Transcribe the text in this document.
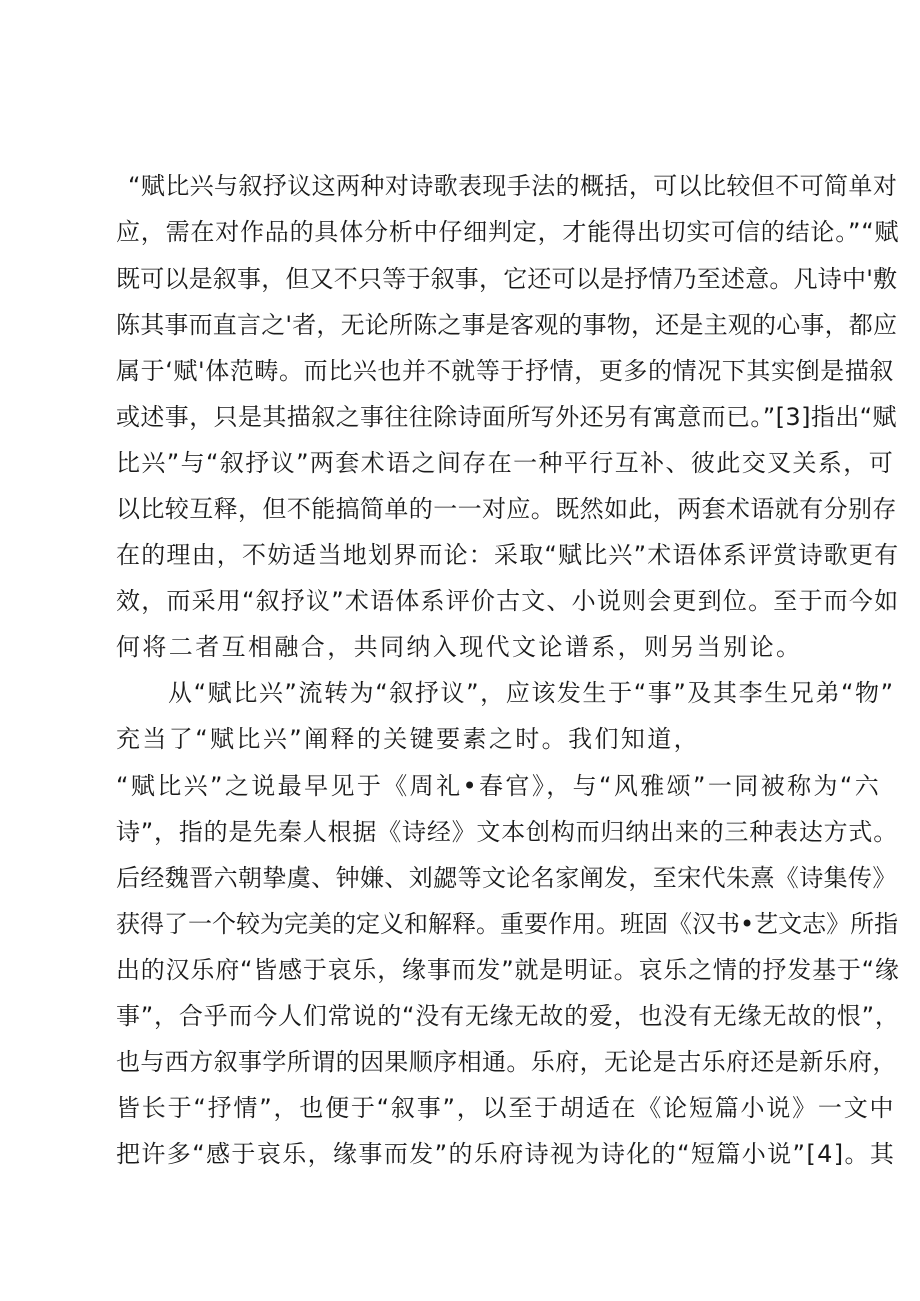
“赋比兴与叙抒议这两种对诗歌表现手法的概括，可以比较但不可简单对
应，需在对作品的具体分析中仔细判定，才能得出切实可信的结论。”“赋
既可以是叙事，但又不只等于叙事，它还可以是抒情乃至述意。凡诗中'敷
陈其事而直言之'者，无论所陈之事是客观的事物，还是主观的心事，都应
属于‘赋'体范畴。而比兴也并不就等于抒情，更多的情况下其实倒是描叙
或述事，只是其描叙之事往往除诗面所写外还另有寓意而已。”[3]指出“赋
比兴”与“叙抒议”两套术语之间存在一种平行互补、彼此交叉关系，可
以比较互释，但不能搞简单的一一对应。既然如此，两套术语就有分别存
在的理由，不妨适当地划界而论：采取“赋比兴”术语体系评赏诗歌更有
效，而采用“叙抒议”术语体系评价古文、小说则会更到位。至于而今如
何将二者互相融合，共同纳入现代文论谱系，则另当别论。
从“赋比兴”流转为“叙抒议”，应该发生于“事”及其李生兄弟“物”
充当了“赋比兴”阐释的关键要素之时。我们知道，
“赋比兴”之说最早见于《周礼•春官》，与“风雅颂”一同被称为“六
诗”，指的是先秦人根据《诗经》文本创构而归纳出来的三种表达方式。
后经魏晋六朝挚虞、钟嫌、刘勰等文论名家阐发，至宋代朱熹《诗集传》
获得了一个较为完美的定义和解释。重要作用。班固《汉书•艺文志》所指
出的汉乐府“皆感于哀乐，缘事而发”就是明证。哀乐之情的抒发基于“缘
事”，合乎而今人们常说的“没有无缘无故的爱，也没有无缘无故的恨”，
也与西方叙事学所谓的因果顺序相通。乐府，无论是古乐府还是新乐府，
皆长于“抒情”，也便于“叙事”，以至于胡适在《论短篇小说》一文中
把许多“感于哀乐，缘事而发”的乐府诗视为诗化的“短篇小说”[4]。其
